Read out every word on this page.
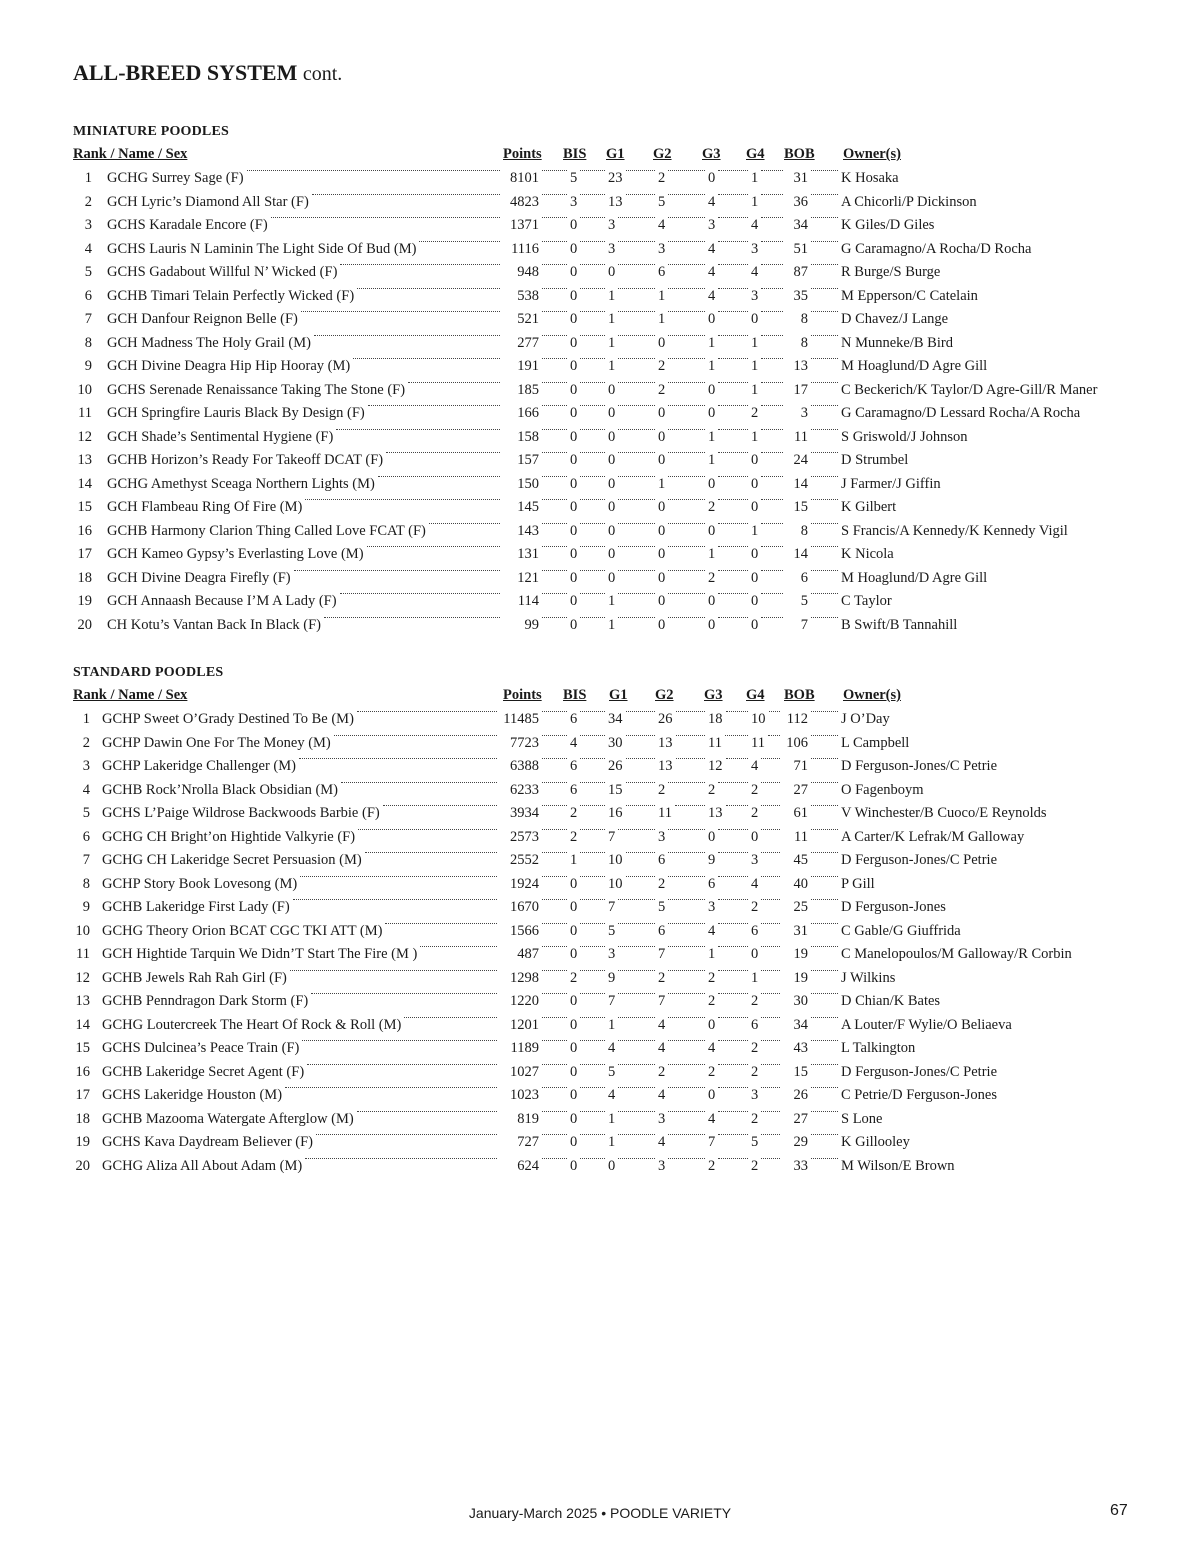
ALL-BREED SYSTEM cont.
MINIATURE POODLES
Rank / Name / Sex	Points BIS G1 G2 G3 G4 BOB Owner(s)
1 GCHG Surrey Sage (F)	8101 5 23 2	0 1	31 K Hosaka
2 GCH Lyric’s Diamond All Star (F)	4823 3 13 5	4 1	36 A Chicorli/P Dickinson
3 GCHS Karadale Encore (F)	1371 0 3	4	3 4	34 K Giles/D Giles
4 GCHS Lauris N Laminin The Light Side Of Bud (M)	1116 0 3	3	4 3	51 G Caramagno/A Rocha/D Rocha
5 GCHS Gadabout Willful N’ Wicked (F)	948 0 0	6	4 4	87 R Burge/S Burge
6 GCHB Timari Telain Perfectly Wicked (F)	538 0 1	1	4 3	35 M Epperson/C Catelain
7 GCH Danfour Reignon Belle (F)	521 0 1	1	0 0	8 D Chavez/J Lange
8 GCH Madness The Holy Grail (M)	277 0 1	0	1 1	8 N Munneke/B Bird
9 GCH Divine Deagra Hip Hip Hooray (M)	191 0 1	2	1 1	13 M Hoaglund/D Agre Gill
10 GCHS Serenade Renaissance Taking The Stone (F)	185 0 0	2	0 1	17 C Beckerich/K Taylor/D Agre-Gill/R Maner
11 GCH Springfire Lauris Black By Design (F)	166 0 0	0	0 2	3 G Caramagno/D Lessard Rocha/A Rocha
12 GCH Shade’s Sentimental Hygiene (F)	158 0 0	0	1 1	11 S Griswold/J Johnson
13 GCHB Horizon’s Ready For Takeoff DCAT (F)	157 0 0	0	1 0	24 D Strumbel
14 GCHG Amethyst Sceaga Northern Lights (M)	150 0 0	1	0 0	14 J Farmer/J Giffin
15 GCH Flambeau Ring Of Fire (M)	145 0 0	0	2 0	15 K Gilbert
16 GCHB Harmony Clarion Thing Called Love FCAT (F)	143 0 0	0	0 1	8 S Francis/A Kennedy/K Kennedy Vigil
17 GCH Kameo Gypsy’s Everlasting Love (M)	131 0 0	0	1 0	14 K Nicola
18 GCH Divine Deagra Firefly (F)	121 0 0	0	2 0	6 M Hoaglund/D Agre Gill
19 GCH Annaash Because I’M A Lady (F)	114 0 1	0	0 0	5 C Taylor
20 CH Kotu’s Vantan Back In Black (F)	99 0 1	0	0 0	7 B Swift/B Tannahill
STANDARD POODLES
Rank / Name / Sex	Points BIS G1 G2 G3 G4 BOB Owner(s)
1 GCHP Sweet O’Grady Destined To Be (M)	11485 6 34 26 18 10 112 J O’Day
2 GCHP Dawin One For The Money (M)	7723 4 30 13 11 11 106 L Campbell
3 GCHP Lakeridge Challenger (M)	6388 6 26 13 12 4	71 D Ferguson-Jones/C Petrie
4 GCHB Rock’Nrolla Black Obsidian (M)	6233 6 15 2	2 2	27 O Fagenboym
5 GCHS L’Paige Wildrose Backwoods Barbie (F)	3934 2 16 11 13 2	61 V Winchester/B Cuoco/E Reynolds
6 GCHG CH Bright’on Hightide Valkyrie (F)	2573 2 7	3	0 0	11 A Carter/K Lefrak/M Galloway
7 GCHG CH Lakeridge Secret Persuasion (M)	2552 1 10 6	9 3	45 D Ferguson-Jones/C Petrie
8 GCHP Story Book Lovesong (M)	1924 0 10 2	6 4	40 P Gill
9 GCHB Lakeridge First Lady (F)	1670 0 7	5	3 2	25 D Ferguson-Jones
10 GCHG Theory Orion BCAT CGC TKI ATT (M)	1566 0 5	6	4 6	31 C Gable/G Giuffrida
11 GCH Hightide Tarquin We Didn’T Start The Fire (M )	487 0 3	7	1 0	19 C Manelopoulos/M Galloway/R Corbin
12 GCHB Jewels Rah Rah Girl (F)	1298 2 9	2	2 1	19 J Wilkins
13 GCHB Penndragon Dark Storm (F)	1220 0 7	7	2 2	30 D Chian/K Bates
14 GCHG Loutercreek The Heart Of Rock & Roll (M)	1201 0 1	4	0 6	34 A Louter/F Wylie/O Beliaeva
15 GCHS Dulcinea’s Peace Train (F)	1189 0 4	4	4 2	43 L Talkington
16 GCHB Lakeridge Secret Agent (F)	1027 0 5	2	2 2	15 D Ferguson-Jones/C Petrie
17 GCHS Lakeridge Houston (M)	1023 0 4	4	0 3	26 C Petrie/D Ferguson-Jones
18 GCHB Mazooma Watergate Afterglow (M)	819 0 1	3	4 2	27 S Lone
19 GCHS Kava Daydream Believer (F)	727 0 1	4	7 5	29 K Gillooley
20 GCHG Aliza All About Adam (M)	624 0 0	3	2 2	33 M Wilson/E Brown
January-March 2025 • POODLE VARIETY	67
